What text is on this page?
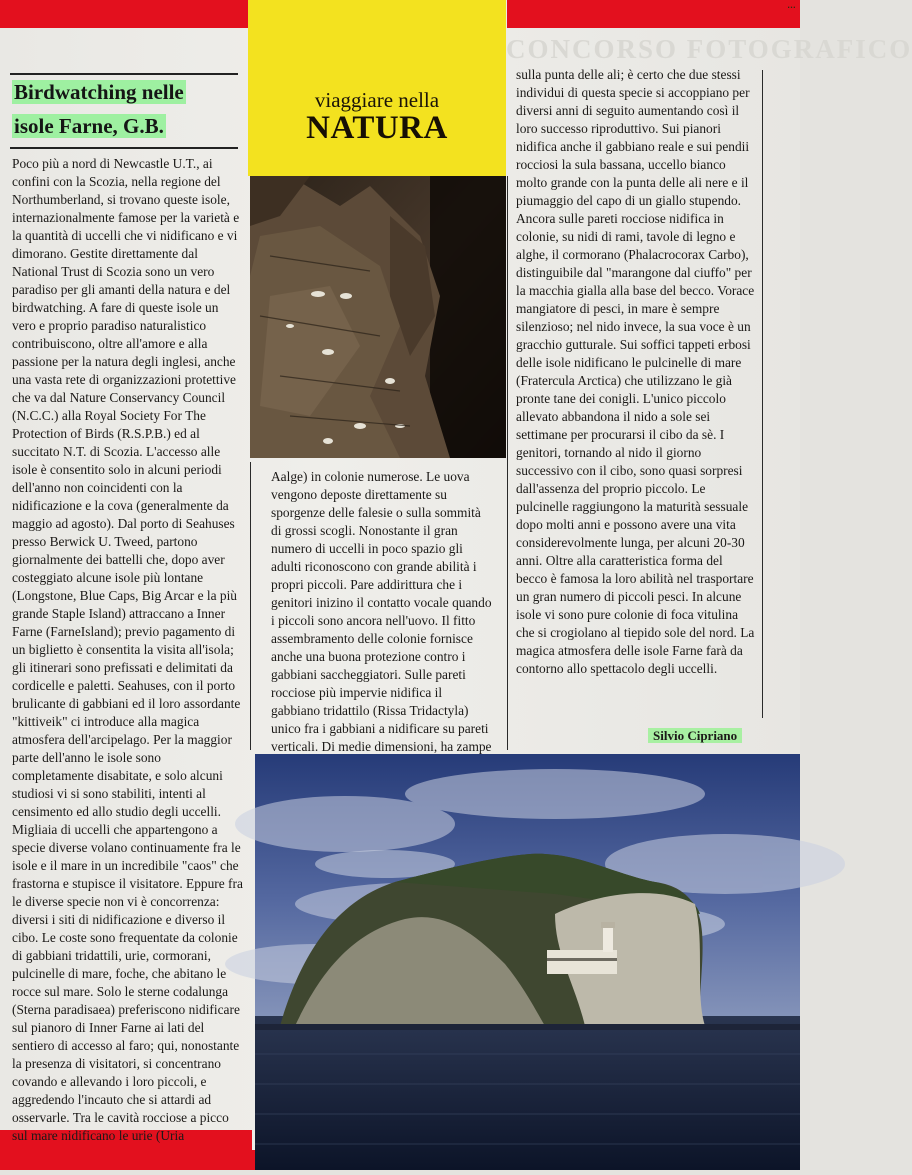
…
CONCORSO FOTOGRAFICO
viaggiare nella
NATURA
Birdwatching nelle
isole Farne, G.B.
Poco più a nord di Newcastle U.T., ai confini con la Scozia, nella regione del Northumberland, si trovano queste isole, internazionalmente famose per la varietà e la quantità di uccelli che vi nidificano e vi dimorano. Gestite direttamente dal National Trust di Scozia sono un vero paradiso per gli amanti della natura e del birdwatching. A fare di queste isole un vero e proprio paradiso naturalistico contribuiscono, oltre all'amore e alla passione per la natura degli inglesi, anche una vasta rete di organizzazioni protettive che va dal Nature Conservancy Council (N.C.C.) alla Royal Society For The Protection of Birds (R.S.P.B.) ed al succitato N.T. di Scozia. L'accesso alle isole è consentito solo in alcuni periodi dell'anno non coincidenti con la nidificazione e la cova (generalmente da maggio ad agosto). Dal porto di Seahuses presso Berwick U. Tweed, partono giornalmente dei battelli che, dopo aver costeggiato alcune isole più lontane (Longstone, Blue Caps, Big Arcar e la più grande Staple Island) attraccano a Inner Farne (FarneIsland); previo pagamento di un biglietto è consentita la visita all'isola; gli itinerari sono prefissati e delimitati da cordicelle e paletti. Seahuses, con il porto brulicante di gabbiani ed il loro assordante "kittiveik" ci introduce alla magica atmosfera dell'arcipelago. Per la maggior parte dell'anno le isole sono completamente disabitate, e solo alcuni studiosi vi si sono stabiliti, intenti al censimento ed allo studio degli uccelli. Migliaia di uccelli che appartengono a specie diverse volano continuamente fra le isole e il mare in un incredibile "caos" che frastorna e stupisce il visitatore. Eppure fra le diverse specie non vi è concorrenza: diversi i siti di nidificazione e diverso il cibo. Le coste sono frequentate da colonie di gabbiani tridattili, urie, cormorani, pulcinelle di mare, foche, che abitano le rocce sul mare. Solo le sterne codalunga (Sterna paradisaea) preferiscono nidificare sul pianoro di Inner Farne ai lati del sentiero di accesso al faro; qui, nonostante la presenza di visitatori, si concentrano covando e allevando i loro piccoli, e aggredendo l'incauto che si attardi ad osservarle. Tra le cavità rocciose a picco sul mare nidificano le urie (Uria
Aalge) in colonie numerose. Le uova vengono deposte direttamente su sporgenze delle falesie o sulla sommità di grossi scogli. Nonostante il gran numero di uccelli in poco spazio gli adulti riconoscono con grande abilità i propri piccoli. Pare addirittura che i genitori inizino il contatto vocale quando i piccoli sono ancora nell'uovo. Il fitto assembramento delle colonie fornisce anche una buona protezione contro i gabbiani saccheggiatori. Sulle pareti rocciose più impervie nidifica il gabbiano tridattilo (Rissa Tridactyla) unico fra i gabbiani a nidificare su pareti verticali. Di medie dimensioni, ha zampe
sulla punta delle ali; è certo che due stessi individui di questa specie si accoppiano per diversi anni di seguito aumentando così il loro successo riproduttivo. Sui pianori nidifica anche il gabbiano reale e sui pendii rocciosi la sula bassana, uccello bianco molto grande con la punta delle ali nere e il piumaggio del capo di un giallo stupendo. Ancora sulle pareti rocciose nidifica in colonie, su nidi di rami, tavole di legno e alghe, il cormorano (Phalacrocorax Carbo), distinguibile dal "marangone dal ciuffo" per la macchia gialla alla base del becco. Vorace mangiatore di pesci, in mare è sempre silenzioso; nel nido invece, la sua voce è un gracchio gutturale. Sui soffici tappeti erbosi delle isole nidificano le pulcinelle di mare (Fratercula Arctica) che utilizzano le già pronte tane dei conigli. L'unico piccolo allevato abbandona il nido a sole sei settimane per procurarsi il cibo da sè. I genitori, tornando al nido il giorno successivo con il cibo, sono quasi sorpresi dall'assenza del proprio piccolo. Le pulcinelle raggiungono la maturità sessuale dopo molti anni e possono avere una vita considerevolmente lunga, per alcuni 20-30 anni. Oltre alla caratteristica forma del becco è famosa la loro abilità nel trasportare un gran numero di piccoli pesci. In alcune isole vi sono pure colonie di foca vitulina che si crogiolano al tiepido sole del nord. La magica atmosfera delle isole Farne farà da contorno allo spettacolo degli uccelli.
Silvio Cipriano
